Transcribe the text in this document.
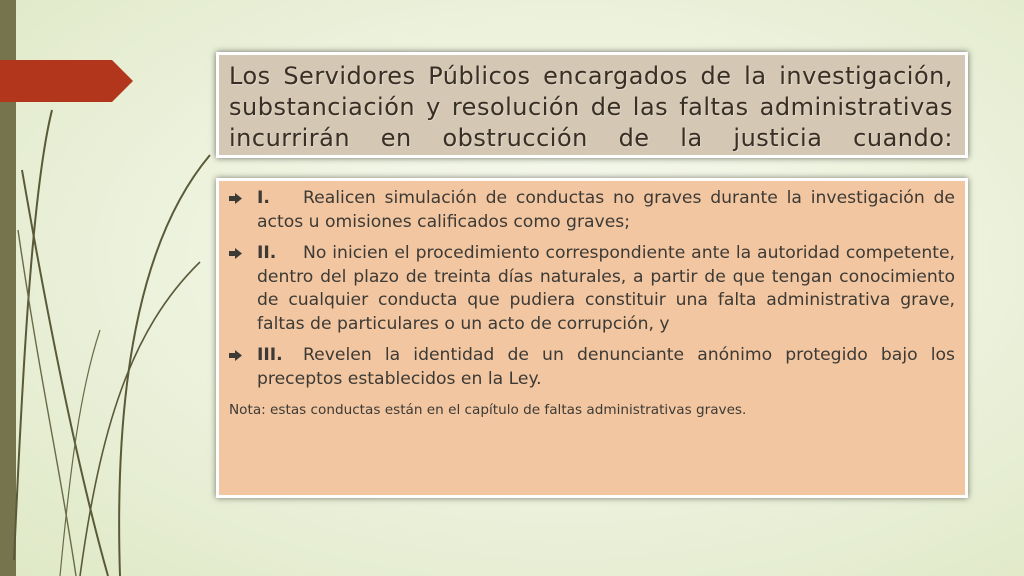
Los Servidores Públicos encargados de la investigación, substanciación y resolución de las faltas administrativas incurrirán en obstrucción de la justicia cuando:

I. Realicen simulación de conductas no graves durante la investigación de actos u omisiones calificados como graves;
II. No inicien el procedimiento correspondiente ante la autoridad competente, dentro del plazo de treinta días naturales, a partir de que tengan conocimiento de cualquier conducta que pudiera constituir una falta administrativa grave, faltas de particulares o un acto de corrupción, y
III. Revelen la identidad de un denunciante anónimo protegido bajo los preceptos establecidos en la Ley.

Nota: estas conductas están en el capítulo de faltas administrativas graves.
